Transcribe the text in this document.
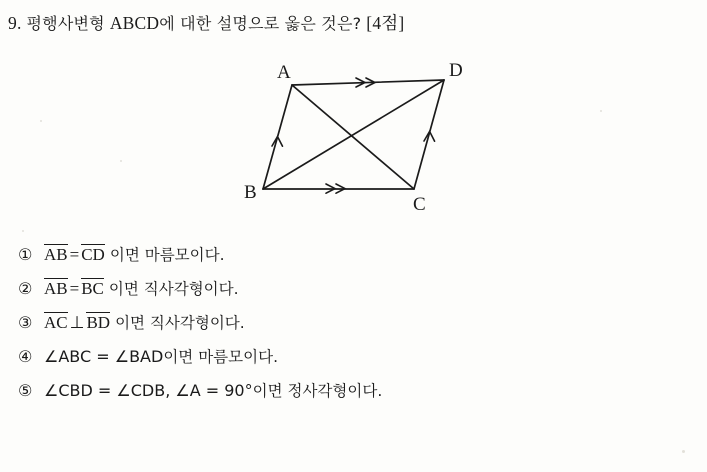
9. 평행사변형 ABCD에 대한 설명으로 옳은 것은? [4점]
A	D
C
B
① AB = CD 이면 마름모이다.
② AB = BC 이면 직사각형이다.
③ AC ⊥ BD 이면 직사각형이다.
④ ∠ABC = ∠BAD이면 마름모이다.
⑤ ∠CBD = ∠CDB, ∠A = 90°이면 정사각형이다.
